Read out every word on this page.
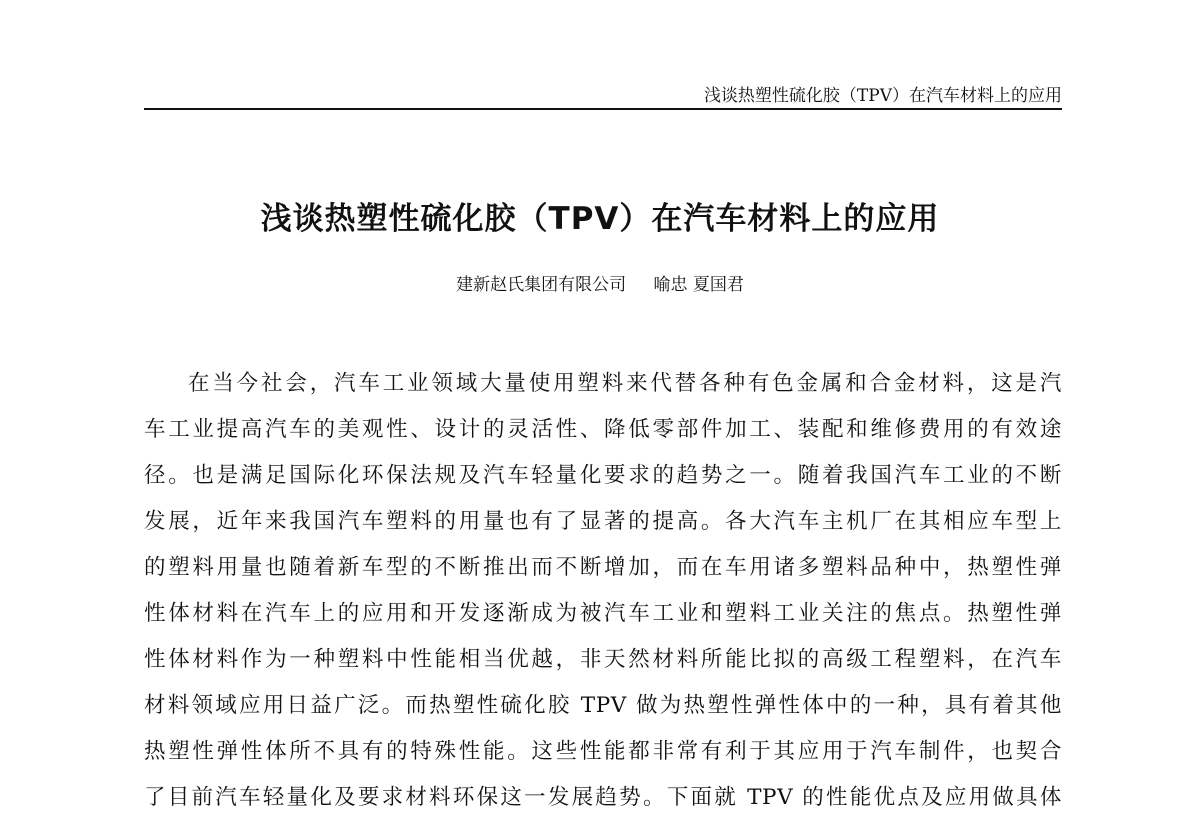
浅谈热塑性硫化胶（TPV）在汽车材料上的应用
浅谈热塑性硫化胶（TPV）在汽车材料上的应用
建新赵氏集团有限公司 喻忠 夏国君
在当今社会，汽车工业领域大量使用塑料来代替各种有色金属和合金材料，这是汽
车工业提高汽车的美观性、设计的灵活性、降低零部件加工、装配和维修费用的有效途
径。也是满足国际化环保法规及汽车轻量化要求的趋势之一。随着我国汽车工业的不断
发展，近年来我国汽车塑料的用量也有了显著的提高。各大汽车主机厂在其相应车型上
的塑料用量也随着新车型的不断推出而不断增加，而在车用诸多塑料品种中，热塑性弹
性体材料在汽车上的应用和开发逐渐成为被汽车工业和塑料工业关注的焦点。热塑性弹
性体材料作为一种塑料中性能相当优越，非天然材料所能比拟的高级工程塑料，在汽车
材料领域应用日益广泛。而热塑性硫化胶 TPV 做为热塑性弹性体中的一种，具有着其他
热塑性弹性体所不具有的特殊性能。这些性能都非常有利于其应用于汽车制件，也契合
了目前汽车轻量化及要求材料环保这一发展趋势。下面就 TPV 的性能优点及应用做具体
